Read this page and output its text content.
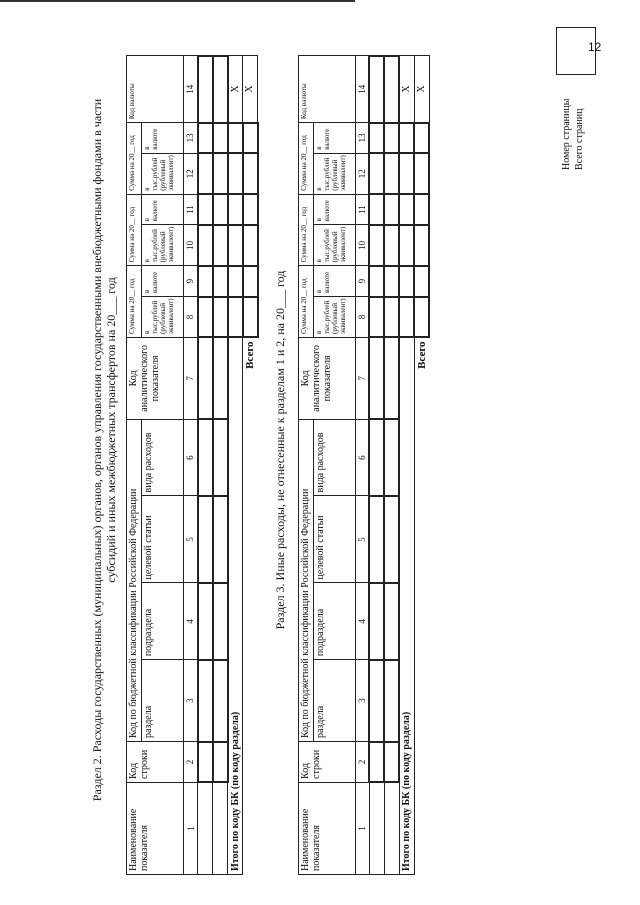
12
Раздел 2. Расходы государственных (муниципальных) органов, органов управления государственными внебюджетными фондами в части субсидий и иных межбюджетных трансфертов на 20___ год
Наименование показателя	Код строки	Код по бюджетной классификации Российской Федерации				Код аналитического показателя	Сумма на 20__ год		Сумма на 20__ год		Сумма на 20__ год		Код валюты
		раздела	подраздела	целевой статьи	вида расходов		в тыс.рублей (рублевый эквивалент)	в валюте	в тыс.рублей (рублевый эквивалент)	в валюте	в тыс.рублей (рублевый эквивалент)	в валюте	

1	2	3	4	5	6	7	8	9	10	11	12	13	14

Итого по коду БК (по коду раздела)													X
Всего													X
Раздел 3. Иные расходы, не отнесенные к разделам 1 и 2, на 20___ год
Наименование показателя	Код строки	Код по бюджетной классификации Российской Федерации				Код аналитического показателя	Сумма на 20__ год		Сумма на 20__ год		Сумма на 20__ год		Код валюты
		раздела	подраздела	целевой статьи	вида расходов		в тыс.рублей (рублевый эквивалент)	в валюте	в тыс.рублей (рублевый эквивалент)	в валюте	в тыс.рублей (рублевый эквивалент)	в валюте	

1	2	3	4	5	6	7	8	9	10	11	12	13	14

Итого по коду БК (по коду раздела)													X
Всего													X
Номер страницы Всего страниц
